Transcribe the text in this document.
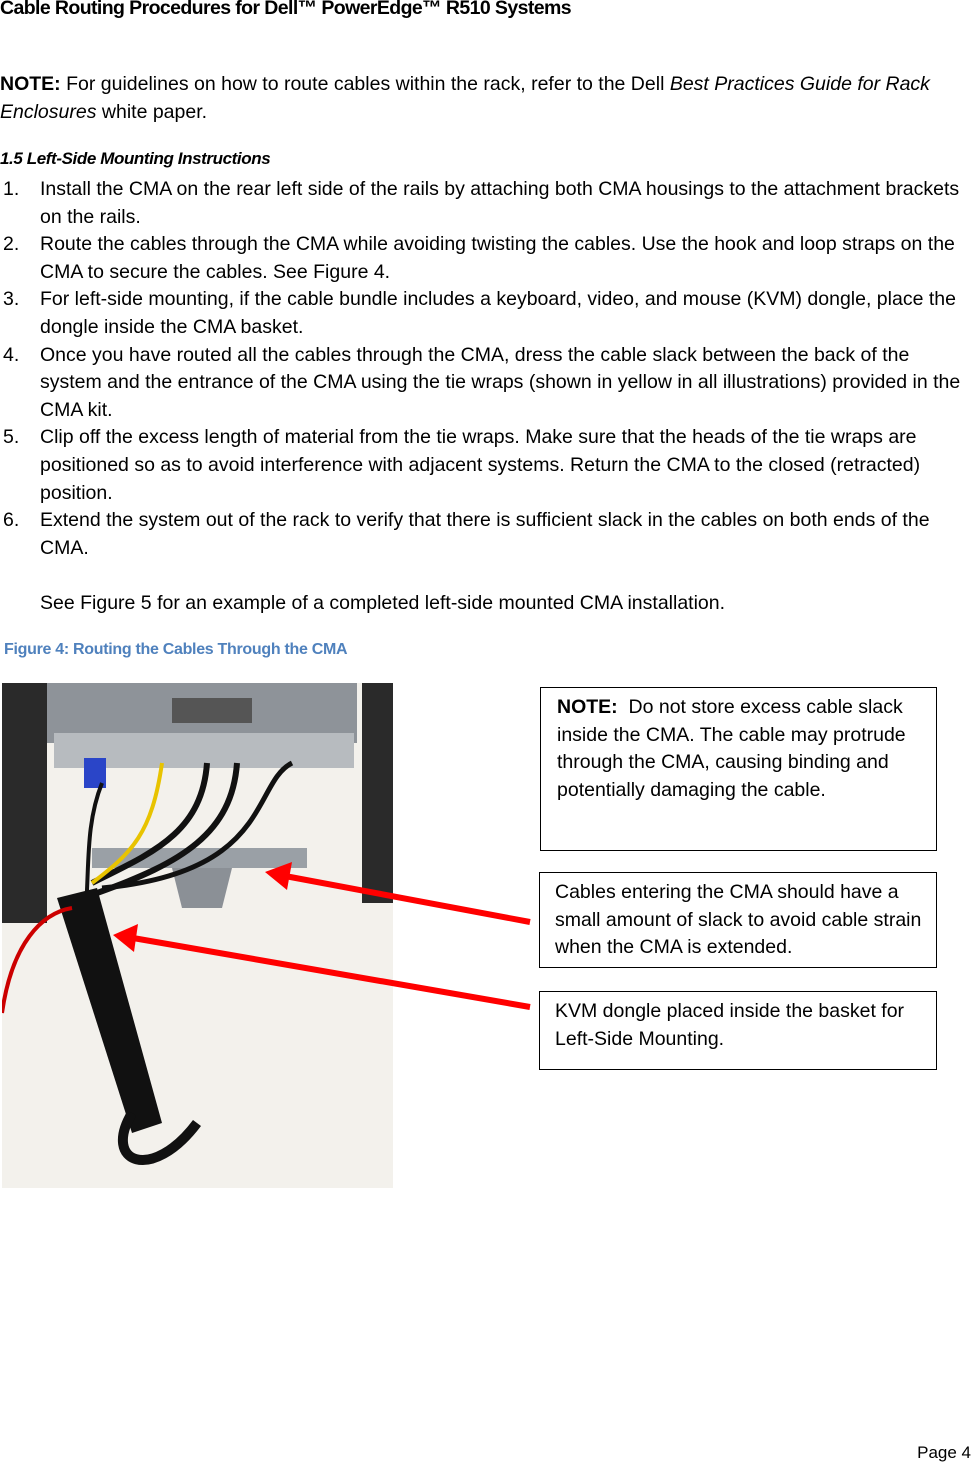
Cable Routing Procedures for Dell™ PowerEdge™ R510 Systems
NOTE: For guidelines on how to route cables within the rack, refer to the Dell Best Practices Guide for Rack Enclosures white paper.
1.5 Left-Side Mounting Instructions
1. Install the CMA on the rear left side of the rails by attaching both CMA housings to the attachment brackets on the rails.
2. Route the cables through the CMA while avoiding twisting the cables. Use the hook and loop straps on the CMA to secure the cables. See Figure 4.
3. For left-side mounting, if the cable bundle includes a keyboard, video, and mouse (KVM) dongle, place the dongle inside the CMA basket.
4. Once you have routed all the cables through the CMA, dress the cable slack between the back of the system and the entrance of the CMA using the tie wraps (shown in yellow in all illustrations) provided in the CMA kit.
5. Clip off the excess length of material from the tie wraps. Make sure that the heads of the tie wraps are positioned so as to avoid interference with adjacent systems. Return the CMA to the closed (retracted) position.
6. Extend the system out of the rack to verify that there is sufficient slack in the cables on both ends of the CMA.
See Figure 5 for an example of a completed left-side mounted CMA installation.
Figure 4: Routing the Cables Through the CMA
NOTE:  Do not store excess cable slack inside the CMA. The cable may protrude through the CMA, causing binding and potentially damaging the cable.
Cables entering the CMA should have a small amount of slack to avoid cable strain when the CMA is extended.
KVM dongle placed inside the basket for Left-Side Mounting.
Page 4
